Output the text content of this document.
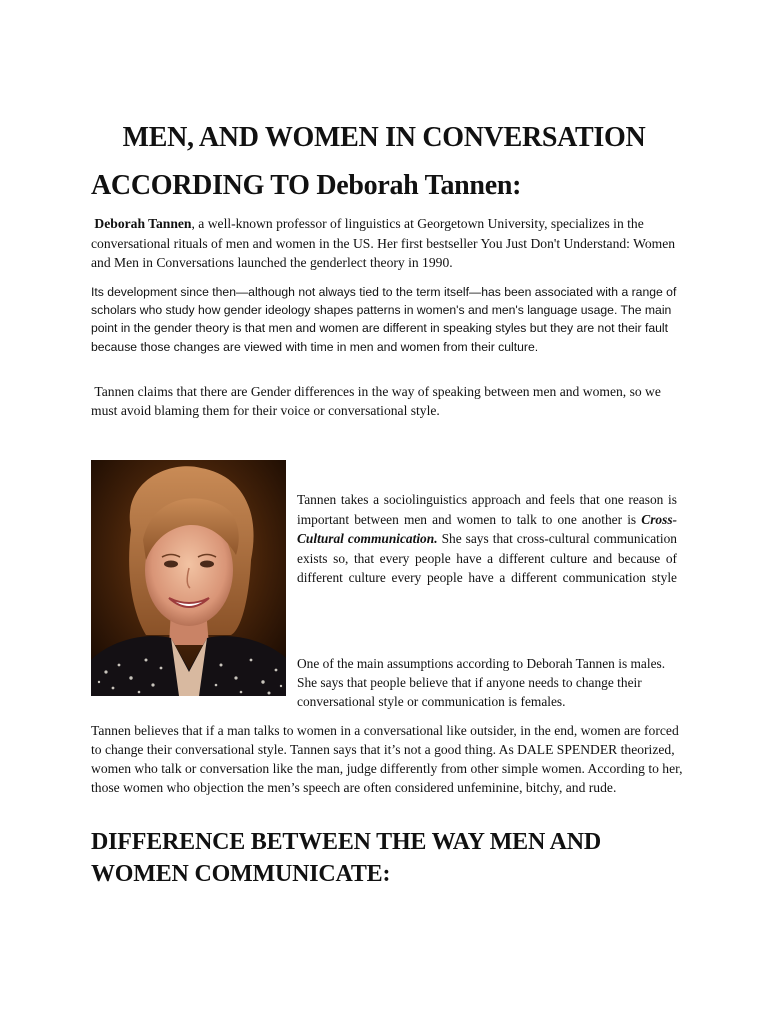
MEN, AND WOMEN IN CONVERSATION
ACCORDING TO Deborah Tannen:

Deborah Tannen, a well-known professor of linguistics at Georgetown University, specializes in the conversational rituals of men and women in the US. Her first bestseller You Just Don't Understand: Women and Men in Conversations launched the genderlect theory in 1990.

Its development since then—although not always tied to the term itself—has been associated with a range of scholars who study how gender ideology shapes patterns in women's and men's language usage. The main point in the gender theory is that men and women are different in speaking styles but they are not their fault because those changes are viewed with time in men and women from their culture.

Tannen claims that there are Gender differences in the way of speaking between men and women, so we must avoid blaming them for their voice or conversational style.

Tannen takes a sociolinguistics approach and feels that one reason is important between men and women to talk to one another is Cross-Cultural communication. She says that cross-cultural communication exists so, that every people have a different culture and because of different culture every people have a different communication style

One of the main assumptions according to Deborah Tannen is males. She says that people believe that if anyone needs to change their conversational style or communication is females.

Tannen believes that if a man talks to women in a conversational like outsider, in the end, women are forced to change their conversational style. Tannen says that it’s not a good thing. As DALE SPENDER theorized, women who talk or conversation like the man, judge differently from other simple women. According to her, those women who objection the men’s speech are often considered unfeminine, bitchy, and rude.

DIFFERENCE BETWEEN THE WAY MEN AND WOMEN COMMUNICATE:
